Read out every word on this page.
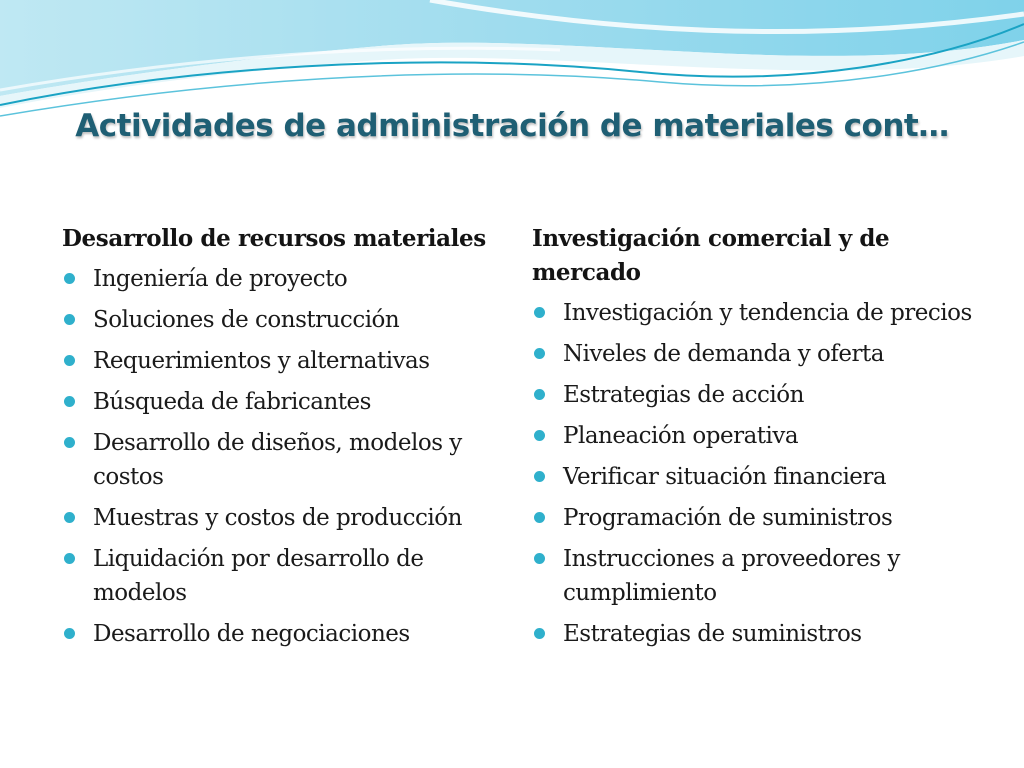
Actividades de administración de materiales cont…

Desarrollo de recursos materiales

Ingeniería de proyecto
Soluciones de construcción
Requerimientos y alternativas
Búsqueda de fabricantes
Desarrollo de diseños, modelos y costos
Muestras y costos de producción
Liquidación por desarrollo de modelos
Desarrollo de negociaciones

Investigación comercial y de mercado

Investigación y tendencia de precios
Niveles de demanda y oferta
Estrategias de acción
Planeación operativa
Verificar situación financiera
Programación de suministros
Instrucciones a proveedores y cumplimiento
Estrategias de suministros
